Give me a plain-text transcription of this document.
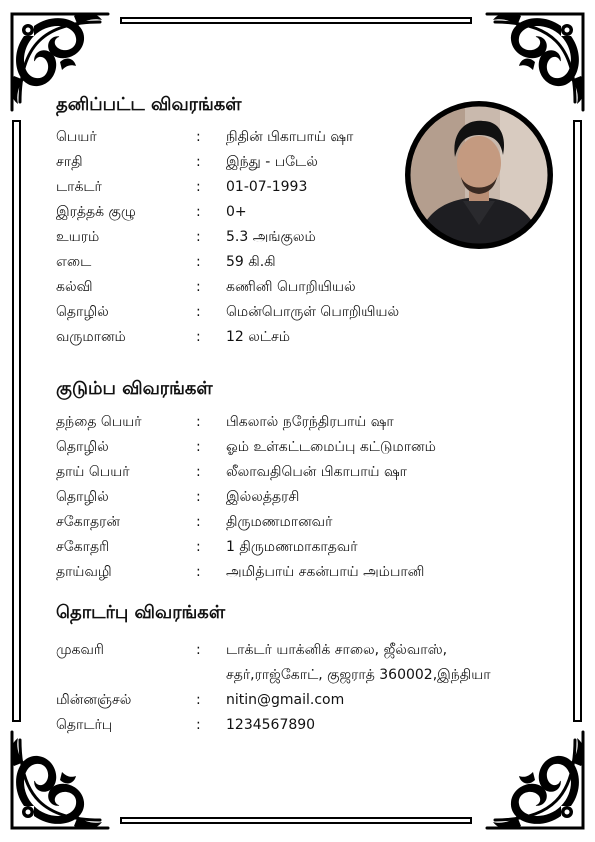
தனிப்பட்ட விவரங்கள்
பெயர்	: நிதின் பிகாபாய் ஷா
சாதி	: இந்து - படேல்
டாக்டர்	: 01-07-1993
இரத்தக் குழு	: 0+
உயரம்	: 5.3 அங்குலம்
எடை	: 59 கி.கி
கல்வி	: கணினி பொறியியல்
தொழில்	: மென்பொருள் பொறியியல்
வருமானம்	: 12 லட்சம்
குடும்ப விவரங்கள்
தந்தை பெயர்	: பிகலால் நரேந்திரபாய் ஷா
தொழில்	: ஓம் உள்கட்டமைப்பு கட்டுமானம்
தாய் பெயர்	: லீலாவதிபென் பிகாபாய் ஷா
தொழில்	: இல்லத்தரசி
சகோதரன்	: திருமணமானவர்
சகோதரி	: 1 திருமணமாகாதவர்
தாய்வழி	: அமித்பாய் சகன்பாய் அம்பானி
தொடர்பு விவரங்கள்
முகவரி	: டாக்டர் யாக்னிக் சாலை, ஜீல்வாஸ்,
சதர்,ராஜ்கோட், குஜராத் 360002,இந்தியா
மின்னஞ்சல்	: nitin@gmail.com
தொடர்பு	: 1234567890
